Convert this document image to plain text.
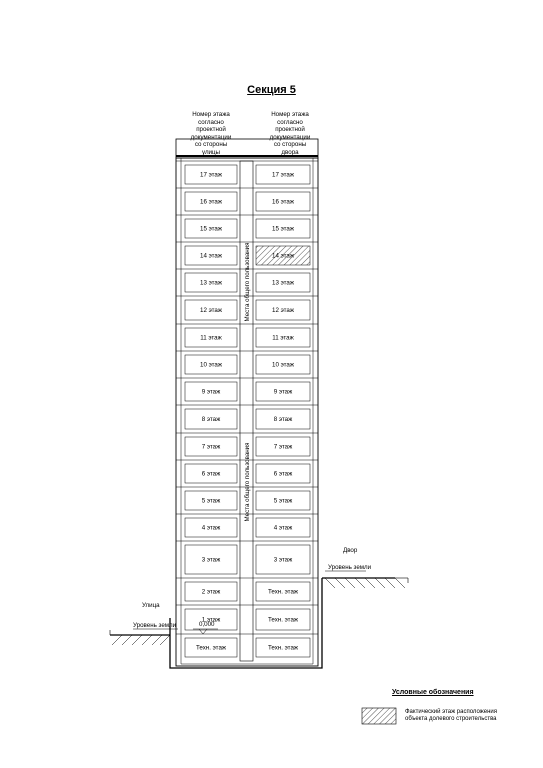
Секция 5
Номер этажа
согласно
проектной
документации
со стороны
улицы
Номер этажа
согласно
проектной
документации
со стороны
двора
Места общего пользования
Места общего пользования
17 этаж	17 этаж
16 этаж	16 этаж
15 этаж	15 этаж
14 этаж	14 этаж
13 этаж	13 этаж
12 этаж	12 этаж
11 этаж	11 этаж
10 этаж	10 этаж
9 этаж	9 этаж
8 этаж	8 этаж
7 этаж	7 этаж
6 этаж	6 этаж
5 этаж	5 этаж
4 этаж	4 этаж
3 этаж	3 этаж
2 этаж	Техн. этаж
1 этаж	Техн. этаж
Техн. этаж	Техн. этаж
Двор
Уровень земли
Улица
Уровень земли	0,000
Условные обозначения
Фактический этаж расположения объекта долевого строительства
